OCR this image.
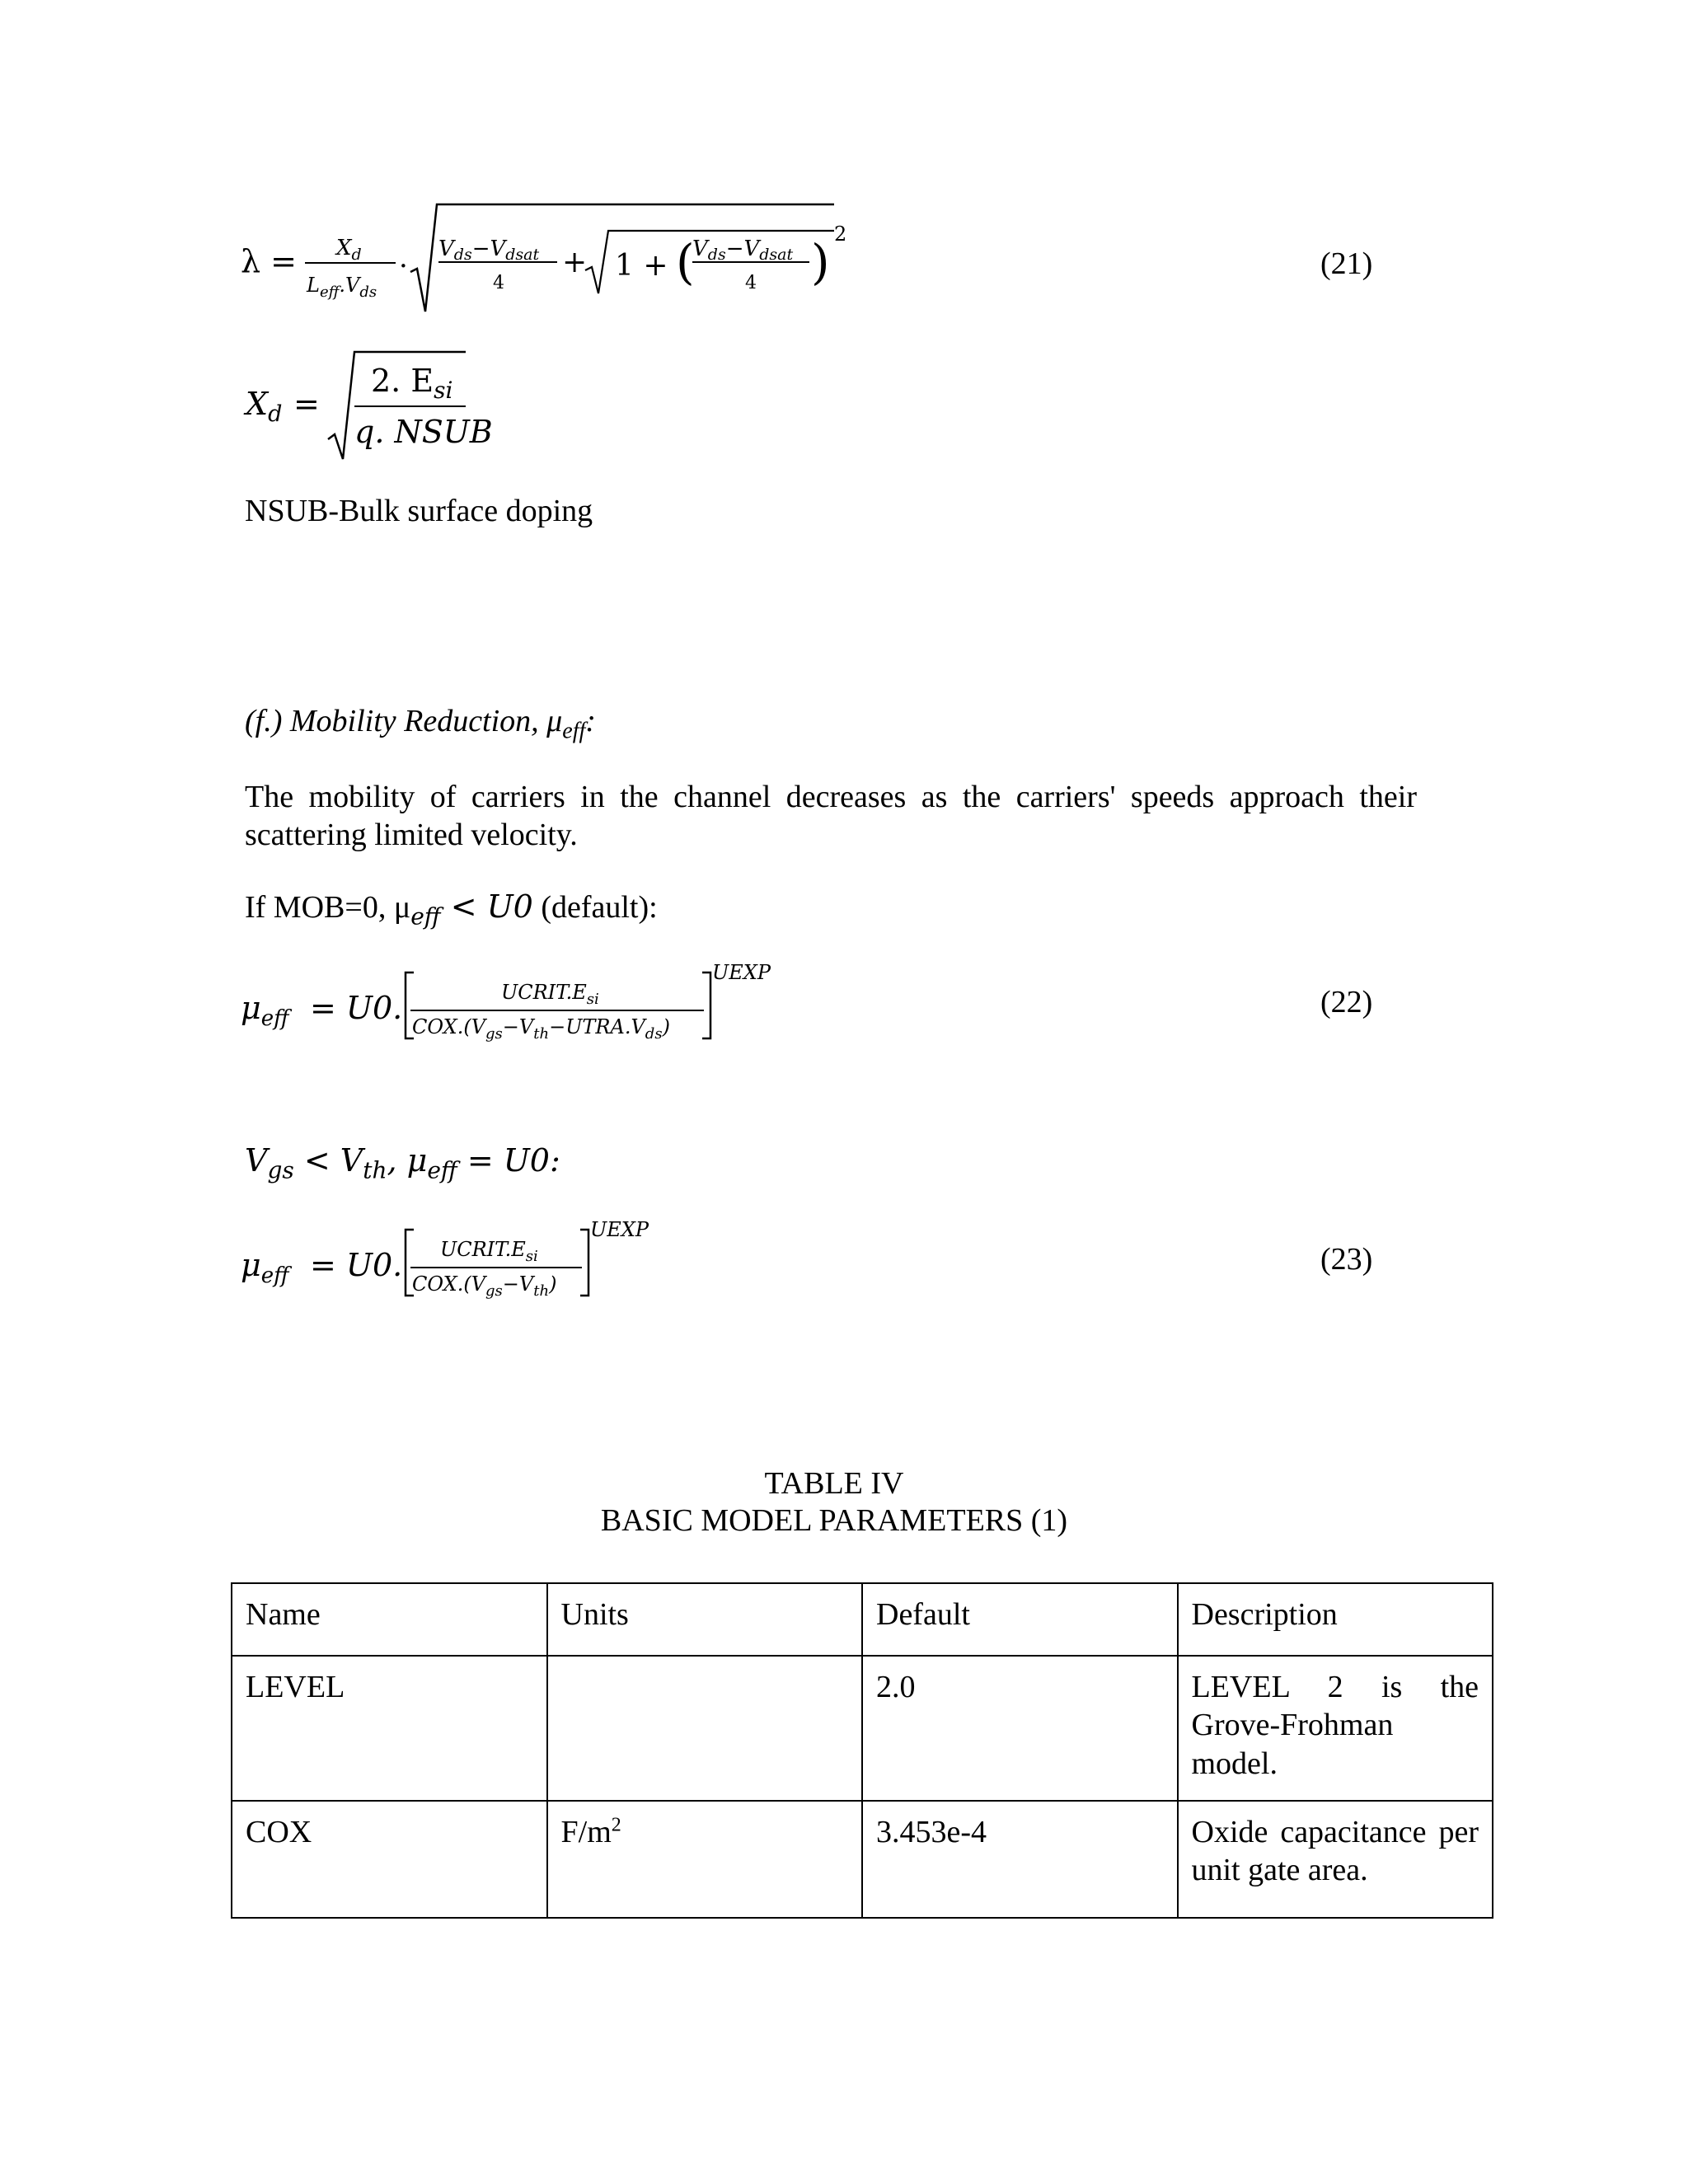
$\lambda = X_d$
$L_{eff}.V_{ds}$
·
Vds−Vdsat
4
+ 1 + (
Vds−Vdsat
4 ) 2
(21)
$X_d$ =
2. $E_{si}$
q. NSUB
NSUB-Bulk surface doping
(f.) Mobility Reduction, $\mu_{eff}$:
The mobility of carriers in the channel decreases as the carriers' speeds approach their scattering limited velocity.
If MOB=0, $\mu_{eff} < U0$ (default):
$\mu_{eff} = U0$.	$UCRIT.E_{si}$
$COX.(V_{gs}-V_{th}-UTRA.V_{ds})$
UEXP
(22)
$V_{gs} < V_{th}$, $\mu_{eff} = U0$:
$\mu_{eff} = U0$. $UCRIT.E_{si}$
$COX.(V_{gs}-V_{th})$
UEXP
(23)
TABLE IV
BASIC MODEL PARAMETERS (1)
Name	Units	Default	Description
LEVEL		2.0	LEVEL 2 is the Grove-Frohman model.
COX	$F/m^2$	3.453e-4	Oxide capacitance per unit gate area.
